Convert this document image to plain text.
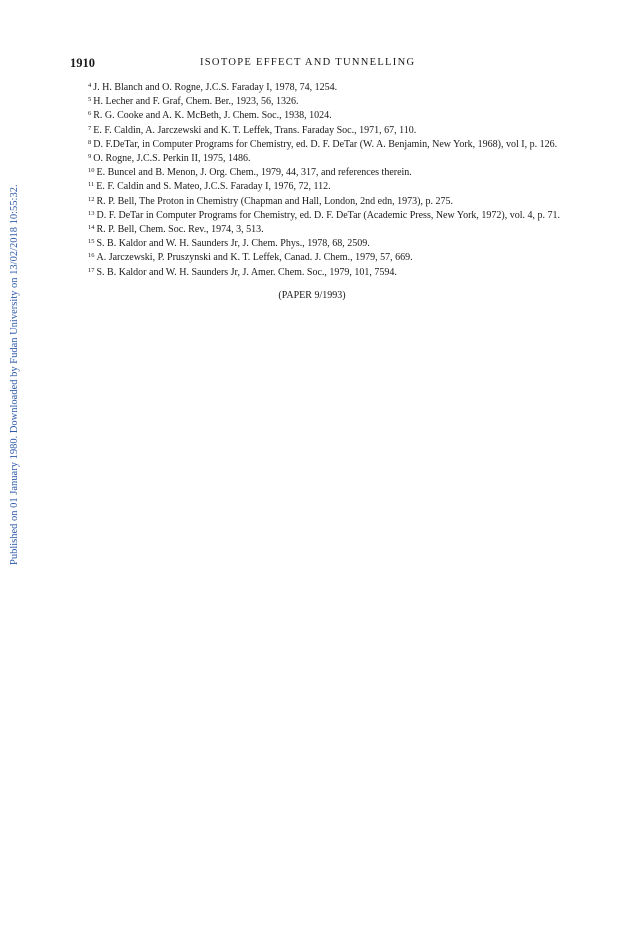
1910	ISOTOPE EFFECT AND TUNNELLING
$^4$ J. H. Blanch and O. Rogne, J.C.S. Faraday I, 1978, 74, 1254.
$^5$ H. Lecher and F. Graf, Chem. Ber., 1923, 56, 1326.
$^6$ R. G. Cooke and A. K. McBeth, J. Chem. Soc., 1938, 1024.
$^7$ E. F. Caldin, A. Jarczewski and K. T. Leffek, Trans. Faraday Soc., 1971, 67, 110.
$^8$ D. F.DeTar, in Computer Programs for Chemistry, ed. D. F. DeTar (W. A. Benjamin, New York, 1968), vol I, p. 126.
$^9$ O. Rogne, J.C.S. Perkin II, 1975, 1486.
$^{10}$ E. Buncel and B. Menon, J. Org. Chem., 1979, 44, 317, and references therein.
$^{11}$ E. F. Caldin and S. Mateo, J.C.S. Faraday I, 1976, 72, 112.
$^{12}$ R. P. Bell, The Proton in Chemistry (Chapman and Hall, London, 2nd edn, 1973), p. 275.
$^{13}$ D. F. DeTar in Computer Programs for Chemistry, ed. D. F. DeTar (Academic Press, New York, 1972), vol. 4, p. 71.
$^{14}$ R. P. Bell, Chem. Soc. Rev., 1974, 3, 513.
$^{15}$ S. B. Kaldor and W. H. Saunders Jr, J. Chem. Phys., 1978, 68, 2509.
$^{16}$ A. Jarczewski, P. Pruszynski and K. T. Leffek, Canad. J. Chem., 1979, 57, 669.
$^{17}$ S. B. Kaldor and W. H. Saunders Jr, J. Amer. Chem. Soc., 1979, 101, 7594.
(PAPER 9/1993)
Published on 01 January 1980. Downloaded by Fudan University on 13/02/2018 10:55:32.
